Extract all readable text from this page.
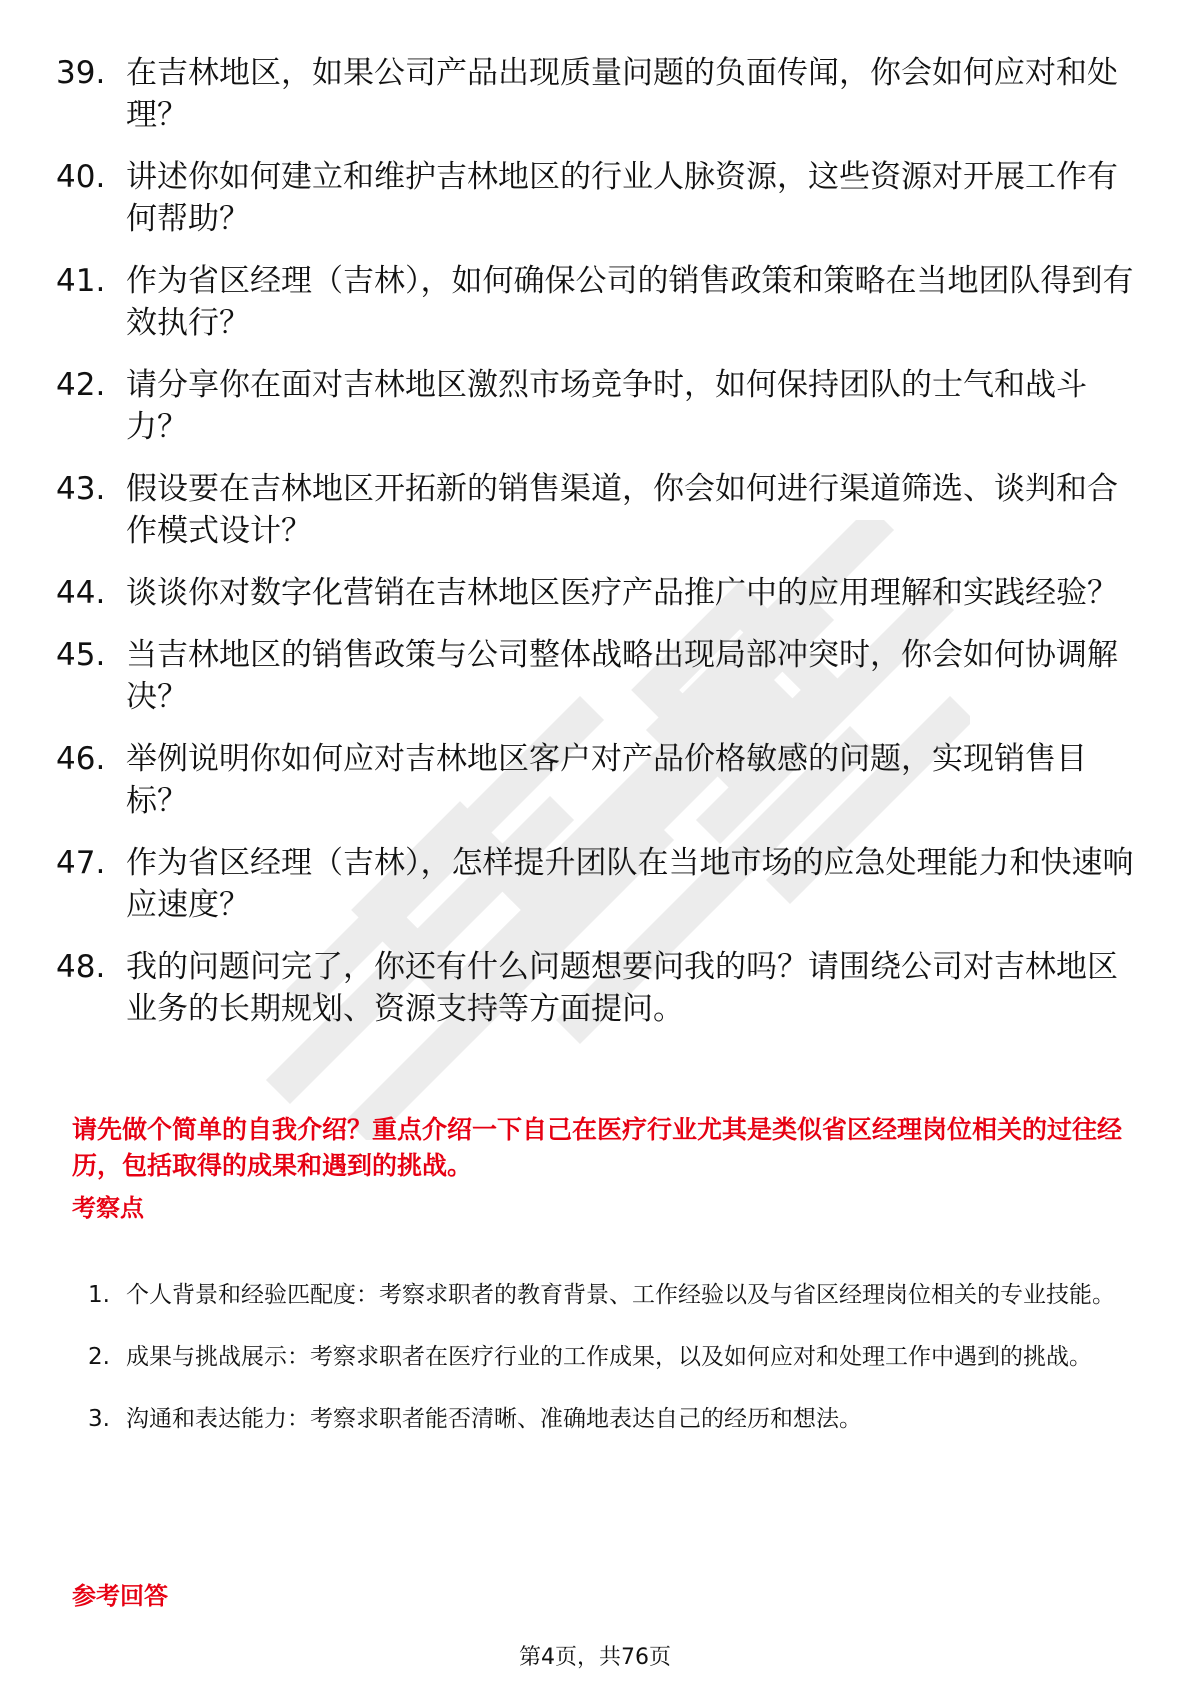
39. 在吉林地区，如果公司产品出现质量问题的负面传闻，你会如何应对和处理？
40. 讲述你如何建立和维护吉林地区的行业人脉资源，这些资源对开展工作有何帮助？
41. 作为省区经理（吉林），如何确保公司的销售政策和策略在当地团队得到有效执行？
42. 请分享你在面对吉林地区激烈市场竞争时，如何保持团队的士气和战斗力？
43. 假设要在吉林地区开拓新的销售渠道，你会如何进行渠道筛选、谈判和合作模式设计？
44. 谈谈你对数字化营销在吉林地区医疗产品推广中的应用理解和实践经验？
45. 当吉林地区的销售政策与公司整体战略出现局部冲突时，你会如何协调解决？
46. 举例说明你如何应对吉林地区客户对产品价格敏感的问题，实现销售目标？
47. 作为省区经理（吉林），怎样提升团队在当地市场的应急处理能力和快速响应速度？
48. 我的问题问完了，你还有什么问题想要问我的吗？请围绕公司对吉林地区业务的长期规划、资源支持等方面提问。
请先做个简单的自我介绍？重点介绍一下自己在医疗行业尤其是类似省区经理岗位相关的过往经历，包括取得的成果和遇到的挑战。
考察点
1. 个人背景和经验匹配度：考察求职者的教育背景、工作经验以及与省区经理岗位相关的专业技能。
2. 成果与挑战展示：考察求职者在医疗行业的工作成果，以及如何应对和处理工作中遇到的挑战。
3. 沟通和表达能力：考察求职者能否清晰、准确地表达自己的经历和想法。
参考回答
第4页，共76页
